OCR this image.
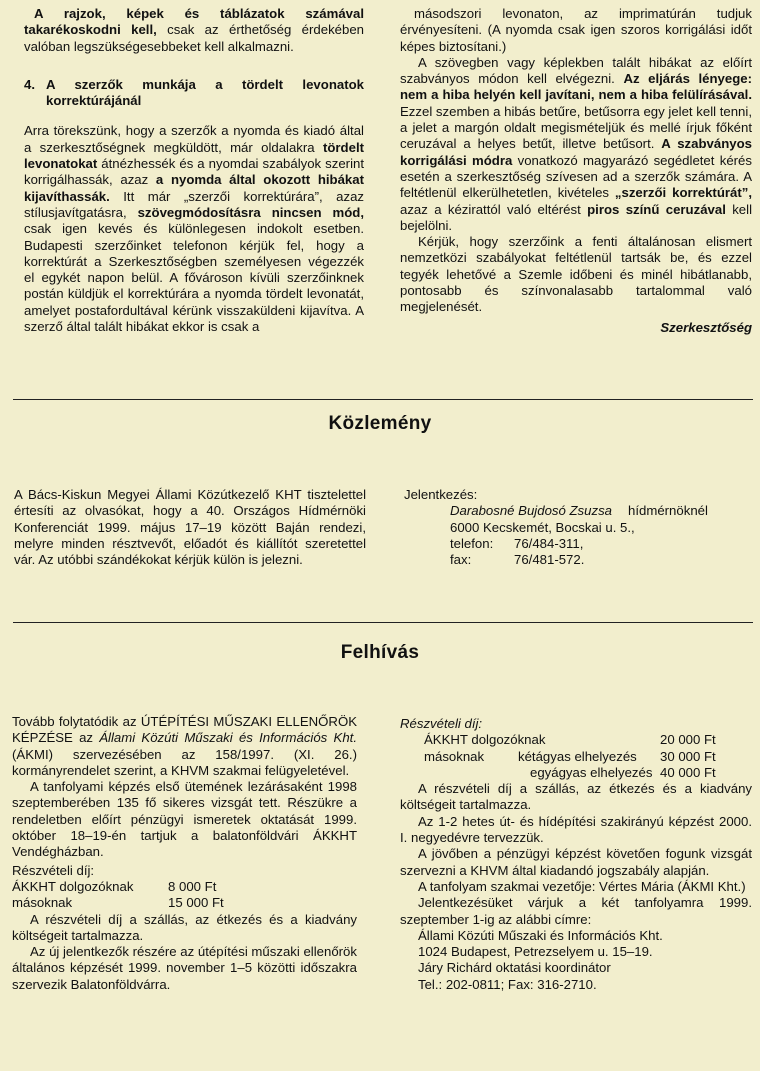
A rajzok, képek és táblázatok számával takarékoskodni kell, csak az érthetőség érdekében valóban legszükségesebbeket kell alkalmazni.

4. A szerzők munkája a tördelt levonatok korrektúrájánál

Arra törekszünk, hogy a szerzők a nyomda és kiadó által a szerkesztőségnek megküldött, már oldalakra tördelt levonatokat átnézhessék és a nyomdai szabályok szerint korrigálhassák, azaz a nyomda által okozott hibákat kijavíthassák. Itt már „szerzői korrektúrára”, azaz stílusjavítgatásra, szövegmódosításra nincsen mód, csak igen kevés és különlegesen indokolt esetben. Budapesti szerzőinket telefonon kérjük fel, hogy a korrektúrát a Szerkesztőségben személyesen végezzék el egykét napon belül. A fővároson kívüli szerzőinknek postán küldjük el korrektúrára a nyomda tördelt levonatát, amelyet postafordultával kérünk visszaküldeni kijavítva. A szerző által talált hibákat ekkor is csak a

másodszori levonaton, az imprimatúrán tudjuk érvényesíteni. (A nyomda csak igen szoros korrigálási időt képes biztosítani.)

A szövegben vagy képlekben talált hibákat az előírt szabványos módon kell elvégezni. Az eljárás lényege: nem a hiba helyén kell javítani, nem a hiba felülírásával. Ezzel szemben a hibás betűre, betűsorra egy jelet kell tenni, a jelet a margón oldalt megismételjük és mellé írjuk főként ceruzával a helyes betűt, illetve betűsort. A szabványos korrigálási módra vonatkozó magyarázó segédletet kérés esetén a szerkesztőség szívesen ad a szerzők számára. A feltétlenül elkerülhetetlen, kivételes „szerzői korrektúrát”, azaz a kézirattól való eltérést piros színű ceruzával kell bejelölni.

Kérjük, hogy szerzőink a fenti általánosan elismert nemzetközi szabályokat feltétlenül tartsák be, és ezzel tegyék lehetővé a Szemle időbeni és minél hibátlanabb, pontosabb és színvonalasabb tartalommal való megjelenését.

Szerkesztőség

Közlemény

A Bács-Kiskun Megyei Állami Közútkezelő KHT tisztelettel értesíti az olvasókat, hogy a 40. Országos Hídmérnöki Konferenciát 1999. május 17–19 között Baján rendezi, melyre minden résztvevőt, előadót és kiállítót szeretettel vár. Az utóbbi szándékokat kérjük külön is jelezni.

Jelentkezés:
Darabosné Bujdosó Zsuzsa hídmérnöknél
6000 Kecskemét, Bocskai u. 5.,
telefon:	76/484-311,
fax:	76/481-572.
Felhívás

Tovább folytatódik az ÚTÉPÍTÉSI MŰSZAKI ELLENŐRÖK KÉPZÉSE az Állami Közúti Műszaki és Információs Kht. (ÁKMI) szervezésében az 158/1997. (XI. 26.) kormányrendelet szerint, a KHVM szakmai felügyeletével.

A tanfolyami képzés első ütemének lezárásaként 1998 szeptemberében 135 fő sikeres vizsgát tett. Részükre a rendeletben előírt pénzügyi ismeretek oktatását 1999. október 18–19-én tartjuk a balatonföldvári ÁKKHT Vendégházban.

Részvételi díj:

ÁKKHT dolgozóknak	8 000 Ft
másoknak	15 000 Ft

A részvételi díj a szállás, az étkezés és a kiadvány költségeit tartalmazza.

Az új jelentkezők részére az útépítési műszaki ellenőrök általános képzését 1999. november 1–5 közötti időszakra szervezik Balatonföldvárra.

Részvételi díj:

ÁKKHT dolgozóknak	20 000 Ft
másoknak	kétágyas elhelyezés	30 000 Ft
egyágyas elhelyezés 40 000 Ft

A részvételi díj a szállás, az étkezés és a kiadvány költségeit tartalmazza.

Az 1-2 hetes út- és hídépítési szakirányú képzést 2000. I. negyedévre tervezzük.

A jövőben a pénzügyi képzést követően fogunk vizsgát szervezni a KHVM által kiadandó jogszabály alapján.

A tanfolyam szakmai vezetője: Vértes Mária (ÁKMI Kht.)

Jelentkezésüket várjuk a két tanfolyamra 1999. szeptember 1-ig az alábbi címre:

Állami Közúti Műszaki és Információs Kht.
1024 Budapest, Petrezselyem u. 15–19.
Járy Richárd oktatási koordinátor
Tel.: 202-0811; Fax: 316-2710.
